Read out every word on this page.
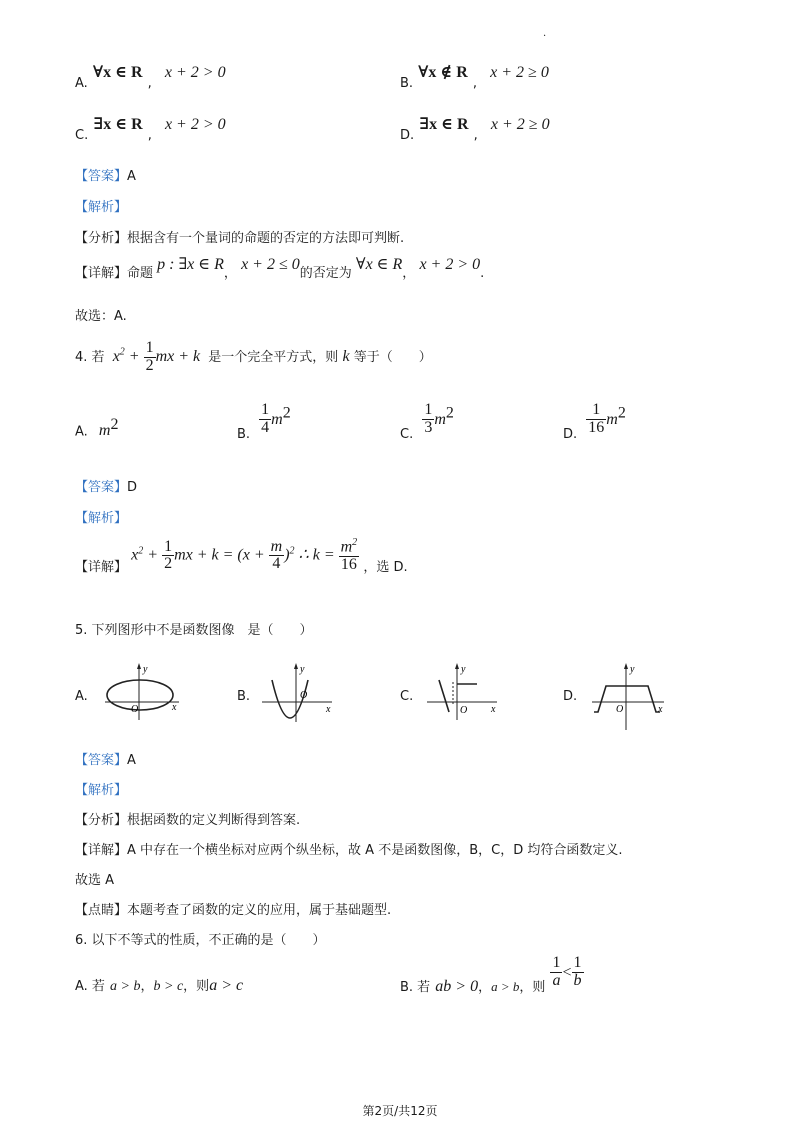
.
A. ∀x ∈ R , x + 2 > 0
B. ∀x ∉ R , x + 2 ≥ 0
C. ∃x ∈ R , x + 2 > 0
D. ∃x ∈ R , x + 2 ≥ 0
【答案】A
【解析】
【分析】根据含有一个量词的命题的否定的方法即可判断.
【详解】命题 p : ∃x ∈ R， x + 2 ≤ 0的否定为 ∀x ∈ R， x + 2 > 0.
故选：A.
4. 若 $x^2 + \frac{1}{2}$ mx + k 是一个完全平方式，则 k 等于（　　）
A. $m^2$
$_{B.} \frac{1}{4} m^2$
$_{C.} \frac{1}{3} m^2$
$_{D.} \frac{1}{16} m^2$
【答案】D
【解析】
【详解】 $x^2 + \frac{1}{2}$ mx + $k = (x + \frac{m}{4} )^2$ ∴ $k = \frac{m^2}{16}$ ，选 D.
5. 下列图形中不是函数图像　是（　　）
A.
y
x
O
B.
y
x
O	C.
y
x
O
D.
y
x
O
【答案】A
【解析】
【分析】根据函数的定义判断得到答案.
【详解】A 中存在一个横坐标对应两个纵坐标，故 A 不是函数图像，B，C，D 均符合函数定义.
故选 A
【点睛】本题考查了函数的定义的应用，属于基础题型.
6. 以下不等式的性质，不正确的是（　　）
A. 若 a > b，b > c，则a > c	$_{B. 若}$ ab > $0_{,a > b,则} \frac{1}{a} < \frac{1}{b}$
第2页/共12页
